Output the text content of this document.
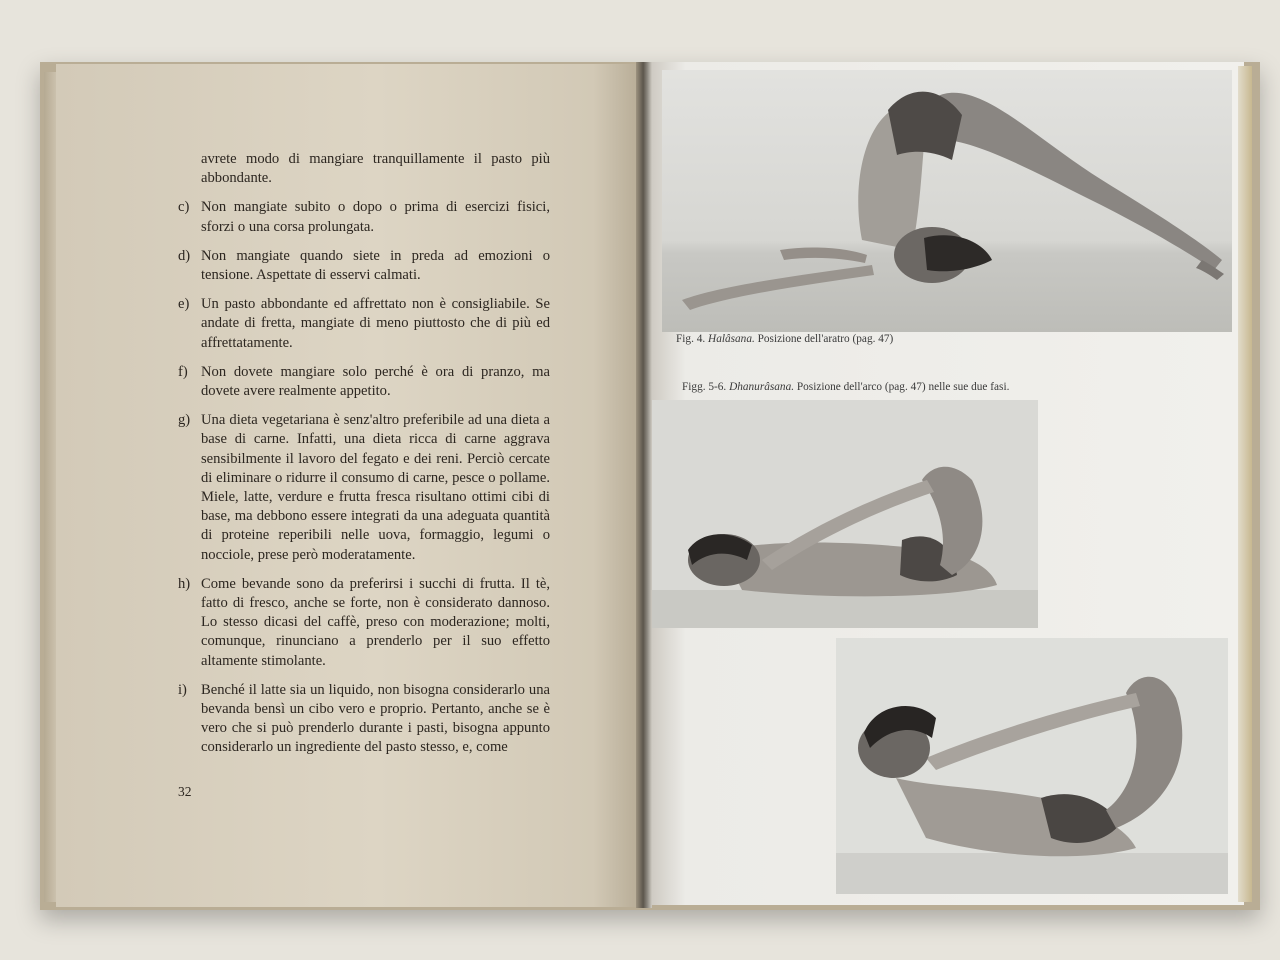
avrete modo di mangiare tranquillamente il pasto più abbondante.
c) Non mangiate subito o dopo o prima di esercizi fisici, sforzi o una corsa prolungata.
d) Non mangiate quando siete in preda ad emozioni o tensione. Aspettate di esservi calmati.
e) Un pasto abbondante ed affrettato non è consigliabile. Se andate di fretta, mangiate di meno piuttosto che di più ed affrettatamente.
f) Non dovete mangiare solo perché è ora di pranzo, ma dovete avere realmente appetito.
g) Una dieta vegetariana è senz'altro preferibile ad una dieta a base di carne. Infatti, una dieta ricca di carne aggrava sensibilmente il lavoro del fegato e dei reni. Perciò cercate di eliminare o ridurre il consumo di carne, pesce o pollame. Miele, latte, verdure e frutta fresca risultano ottimi cibi di base, ma debbono essere integrati da una adeguata quantità di proteine reperibili nelle uova, formaggio, legumi o nocciole, prese però moderatamente.
h) Come bevande sono da preferirsi i succhi di frutta. Il tè, fatto di fresco, anche se forte, non è considerato dannoso. Lo stesso dicasi del caffè, preso con moderazione; molti, comunque, rinunciano a prenderlo per il suo effetto altamente stimolante.
i) Benché il latte sia un liquido, non bisogna considerarlo una bevanda bensì un cibo vero e proprio. Pertanto, anche se è vero che si può prenderlo durante i pasti, bisogna appunto considerarlo un ingrediente del pasto stesso, e, come
32
Fig. 4. Halâsana. Posizione dell'aratro (pag. 47)
Figg. 5-6. Dhanurâsana. Posizione dell'arco (pag. 47) nelle sue due fasi.
